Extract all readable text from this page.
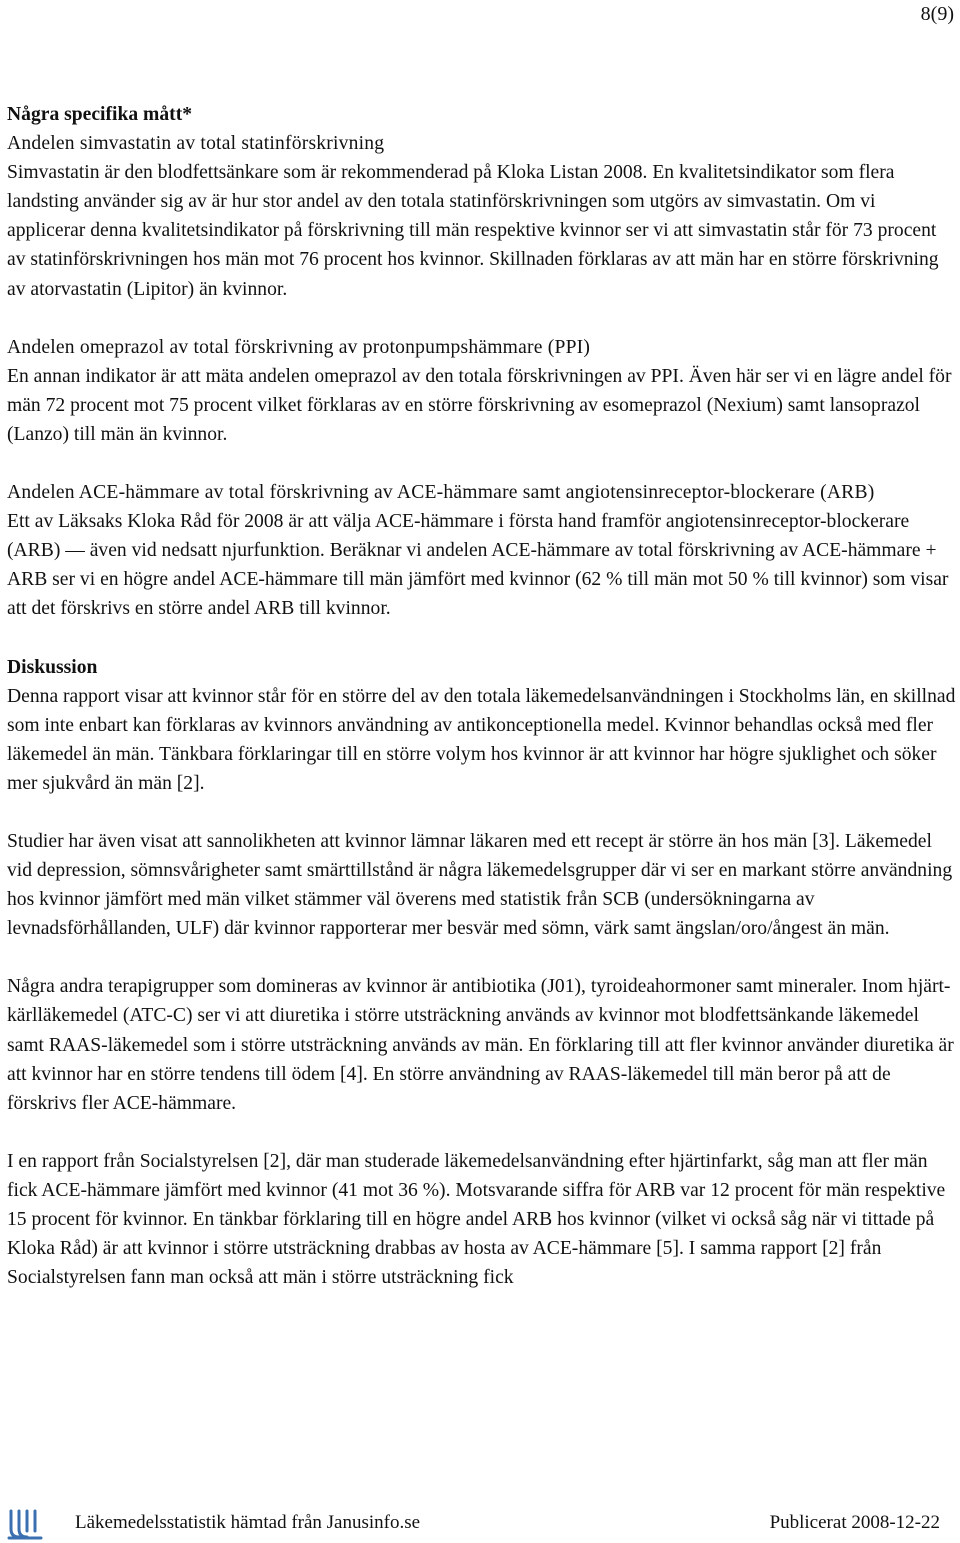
8(9)

Några specifika mått*

Andelen simvastatin av total statinförskrivning

Simvastatin är den blodfettsänkare som är rekommenderad på Kloka Listan 2008. En kvalitetsindikator som flera landsting använder sig av är hur stor andel av den totala statinförskrivningen som utgörs av simvastatin. Om vi applicerar denna kvalitetsindikator på förskrivning till män respektive kvinnor ser vi att simvastatin står för 73 procent av statinförskrivningen hos män mot 76 procent hos kvinnor. Skillnaden förklaras av att män har en större förskrivning av atorvastatin (Lipitor) än kvinnor.

Andelen omeprazol av total förskrivning av protonpumpshämmare (PPI)

En annan indikator är att mäta andelen omeprazol av den totala förskrivningen av PPI. Även här ser vi en lägre andel för män 72 procent mot 75 procent vilket förklaras av en större förskrivning av esomeprazol (Nexium) samt lansoprazol (Lanzo) till män än kvinnor.

Andelen ACE-hämmare av total förskrivning av ACE-hämmare samt angiotensinreceptor-blockerare (ARB)

Ett av Läksaks Kloka Råd för 2008 är att välja ACE-hämmare i första hand framför angiotensinreceptor-blockerare (ARB) — även vid nedsatt njurfunktion. Beräknar vi andelen ACE-hämmare av total förskrivning av ACE-hämmare + ARB ser vi en högre andel ACE-hämmare till män jämfört med kvinnor (62 % till män mot 50 % till kvinnor) som visar att det förskrivs en större andel ARB till kvinnor.

Diskussion

Denna rapport visar att kvinnor står för en större del av den totala läkemedelsanvändningen i Stockholms län, en skillnad som inte enbart kan förklaras av kvinnors användning av antikonceptionella medel. Kvinnor behandlas också med fler läkemedel än män. Tänkbara förklaringar till en större volym hos kvinnor är att kvinnor har högre sjuklighet och söker mer sjukvård än män [2].

Studier har även visat att sannolikheten att kvinnor lämnar läkaren med ett recept är större än hos män [3]. Läkemedel vid depression, sömnsvårigheter samt smärttillstånd är några läkemedelsgrupper där vi ser en markant större användning hos kvinnor jämfört med män vilket stämmer väl överens med statistik från SCB (undersökningarna av levnadsförhållanden, ULF) där kvinnor rapporterar mer besvär med sömn, värk samt ängslan/oro/ångest än män.

Några andra terapigrupper som domineras av kvinnor är antibiotika (J01), tyroideahormoner samt mineraler. Inom hjärt-kärlläkemedel (ATC-C) ser vi att diuretika i större utsträckning används av kvinnor mot blodfettsänkande läkemedel samt RAAS-läkemedel som i större utsträckning används av män. En förklaring till att fler kvinnor använder diuretika är att kvinnor har en större tendens till ödem [4]. En större användning av RAAS-läkemedel till män beror på att de förskrivs fler ACE-hämmare.

I en rapport från Socialstyrelsen [2], där man studerade läkemedelsanvändning efter hjärtinfarkt, såg man att fler män fick ACE-hämmare jämfört med kvinnor (41 mot 36 %). Motsvarande siffra för ARB var 12 procent för män respektive 15 procent för kvinnor. En tänkbar förklaring till en högre andel ARB hos kvinnor (vilket vi också såg när vi tittade på Kloka Råd) är att kvinnor i större utsträckning drabbas av hosta av ACE-hämmare [5]. I samma rapport [2] från Socialstyrelsen fann man också att män i större utsträckning fick

Läkemedelsstatistik hämtad från Janusinfo.se	Publicerat 2008-12-22
